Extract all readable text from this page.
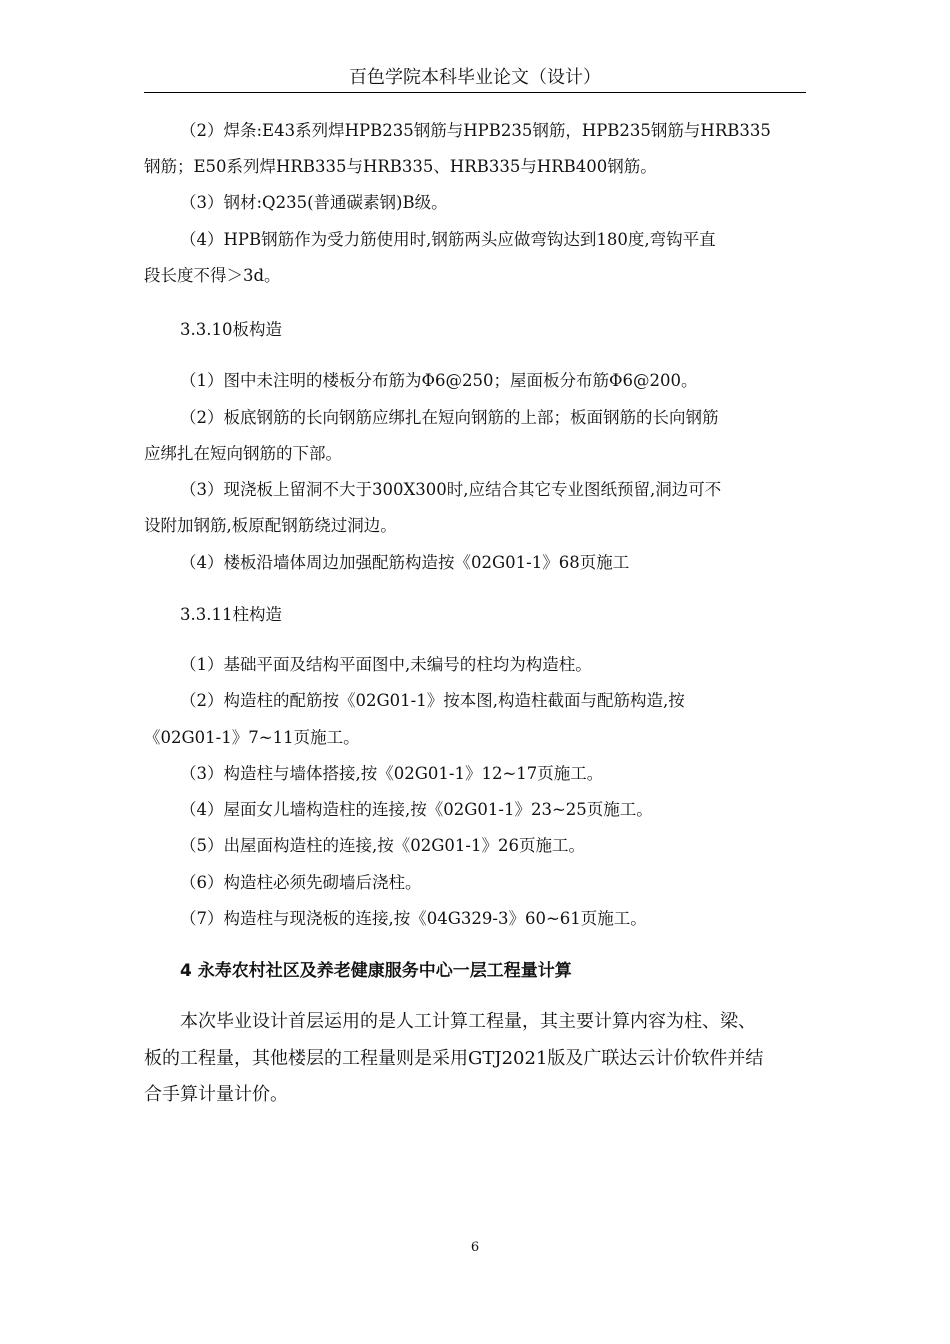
百色学院本科毕业论文（设计）
（2）焊条:E43系列焊HPB235钢筋与HPB235钢筋，HPB235钢筋与HRB335
钢筋；E50系列焊HRB335与HRB335、HRB335与HRB400钢筋。
（3）钢材:Q235(普通碳素钢)B级。
（4）HPB钢筋作为受力筋使用时,钢筋两头应做弯钩达到180度,弯钩平直
段长度不得＞3d。
3.3.10板构造
（1）图中未注明的楼板分布筋为Φ6@250；屋面板分布筋Φ6@200。
（2）板底钢筋的长向钢筋应绑扎在短向钢筋的上部；板面钢筋的长向钢筋
应绑扎在短向钢筋的下部。
（3）现浇板上留洞不大于300X300时,应结合其它专业图纸预留,洞边可不
设附加钢筋,板原配钢筋绕过洞边。
（4）楼板沿墙体周边加强配筋构造按《02G01-1》68页施工
3.3.11柱构造
（1）基础平面及结构平面图中,未编号的柱均为构造柱。
（2）构造柱的配筋按《02G01-1》按本图,构造柱截面与配筋构造,按
《02G01-1》7~11页施工。
（3）构造柱与墙体搭接,按《02G01-1》12~17页施工。
（4）屋面女儿墙构造柱的连接,按《02G01-1》23~25页施工。
（5）出屋面构造柱的连接,按《02G01-1》26页施工。
（6）构造柱必须先砌墙后浇柱。
（7）构造柱与现浇板的连接,按《04G329-3》60~61页施工。
4 永寿农村社区及养老健康服务中心一层工程量计算
本次毕业设计首层运用的是人工计算工程量，其主要计算内容为柱、梁、
板的工程量，其他楼层的工程量则是采用GTJ2021版及广联达云计价软件并结
合手算计量计价。
6
